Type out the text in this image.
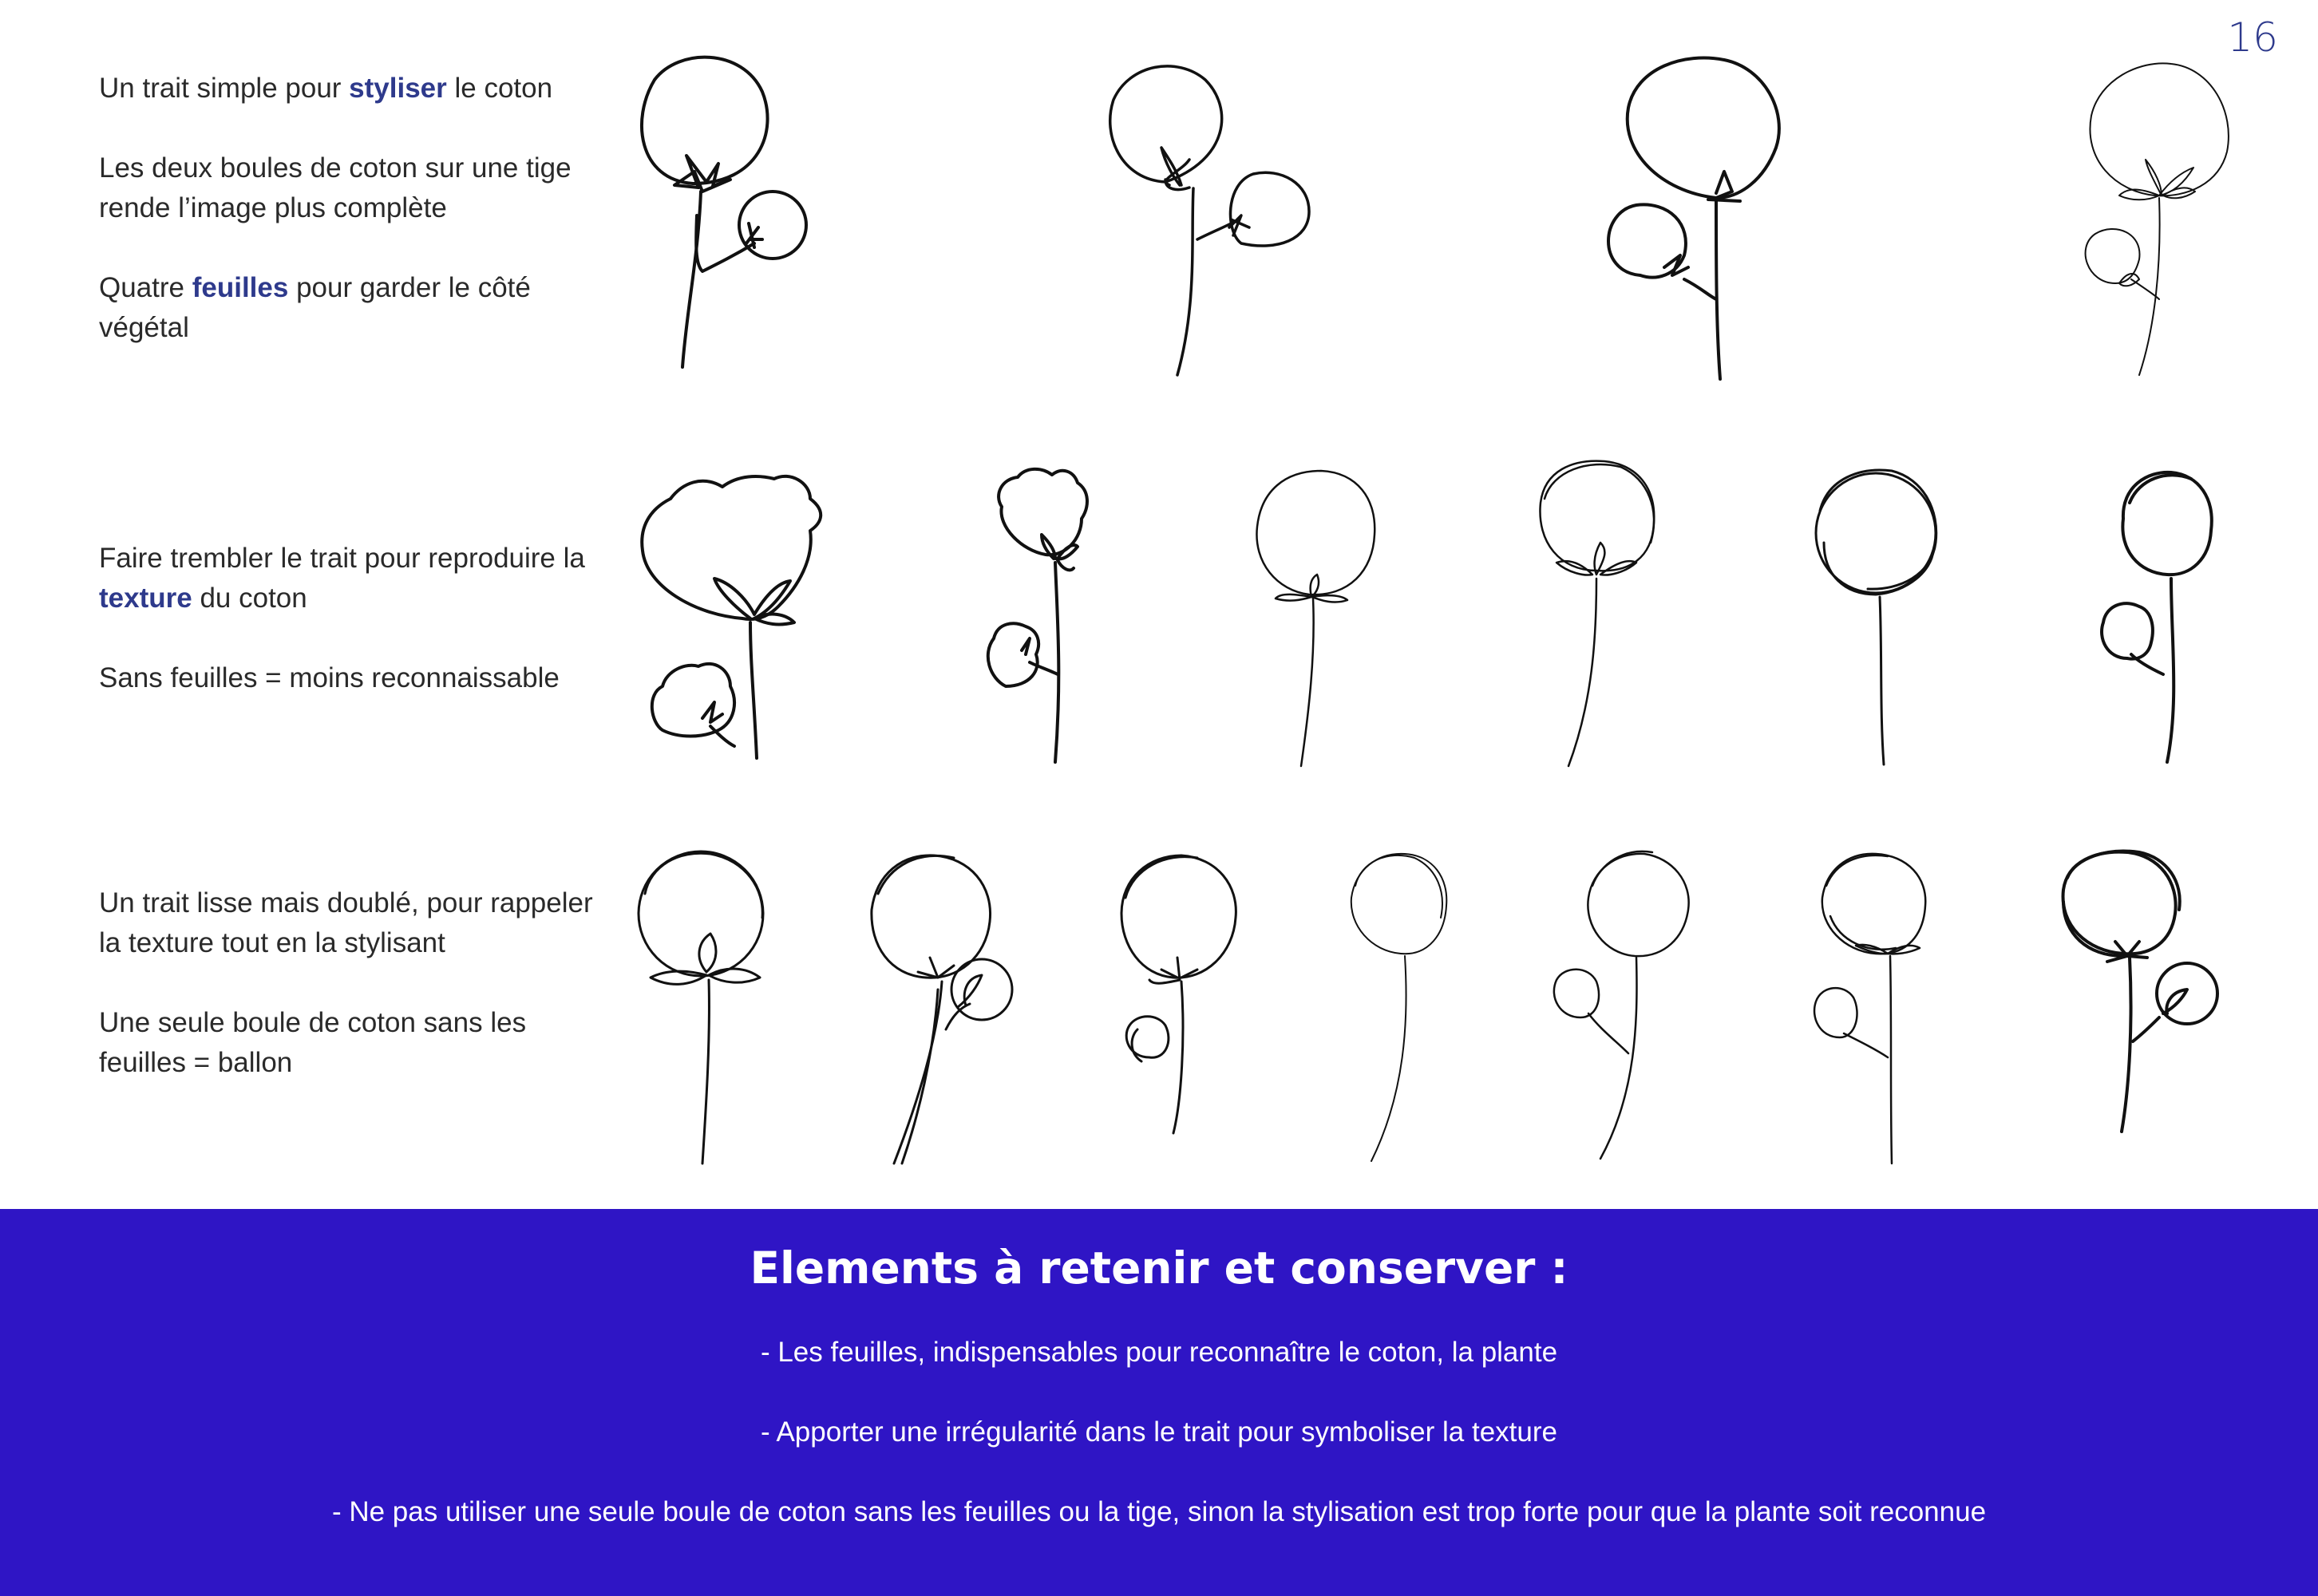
16

Un trait simple pour styliser le coton

Les deux boules de coton sur une tige rende l’image plus complète

Quatre feuilles pour garder le côté végétal

Faire trembler le trait pour reproduire la texture du coton

Sans feuilles = moins reconnaissable

Un trait lisse mais doublé, pour rappeler la texture tout en la stylisant

Une seule boule de coton sans les feuilles = ballon

Elements à retenir et conserver :
- Les feuilles, indispensables pour reconnaître le coton, la plante
- Apporter une irrégularité dans le trait pour symboliser la texture
- Ne pas utiliser une seule boule de coton sans les feuilles ou la tige, sinon la stylisation est trop forte pour que la plante soit reconnue
